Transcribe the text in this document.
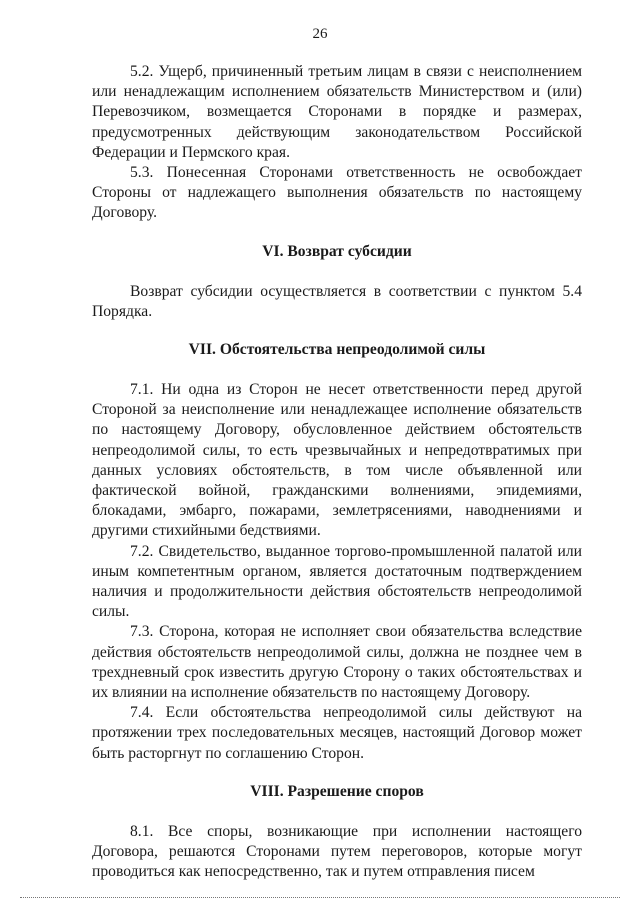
26

5.2. Ущерб, причиненный третьим лицам в связи с неисполнением или ненадлежащим исполнением обязательств Министерством и (или) Перевозчиком, возмещается Сторонами в порядке и размерах, предусмотренных действующим законодательством Российской Федерации и Пермского края.

5.3. Понесенная Сторонами ответственность не освобождает Стороны от надлежащего выполнения обязательств по настоящему Договору.

VI. Возврат субсидии

Возврат субсидии осуществляется в соответствии с пунктом 5.4 Порядка.

VII. Обстоятельства непреодолимой силы

7.1. Ни одна из Сторон не несет ответственности перед другой Стороной за неисполнение или ненадлежащее исполнение обязательств по настоящему Договору, обусловленное действием обстоятельств непреодолимой силы, то есть чрезвычайных и непредотвратимых при данных условиях обстоятельств, в том числе объявленной или фактической войной, гражданскими волнениями, эпидемиями, блокадами, эмбарго, пожарами, землетрясениями, наводнениями и другими стихийными бедствиями.

7.2. Свидетельство, выданное торгово-промышленной палатой или иным компетентным органом, является достаточным подтверждением наличия и продолжительности действия обстоятельств непреодолимой силы.

7.3. Сторона, которая не исполняет свои обязательства вследствие действия обстоятельств непреодолимой силы, должна не позднее чем в трехдневный срок известить другую Сторону о таких обстоятельствах и их влиянии на исполнение обязательств по настоящему Договору.

7.4. Если обстоятельства непреодолимой силы действуют на протяжении трех последовательных месяцев, настоящий Договор может быть расторгнут по соглашению Сторон.

VIII. Разрешение споров

8.1. Все споры, возникающие при исполнении настоящего Договора, решаются Сторонами путем переговоров, которые могут проводиться как непосредственно, так и путем отправления писем
